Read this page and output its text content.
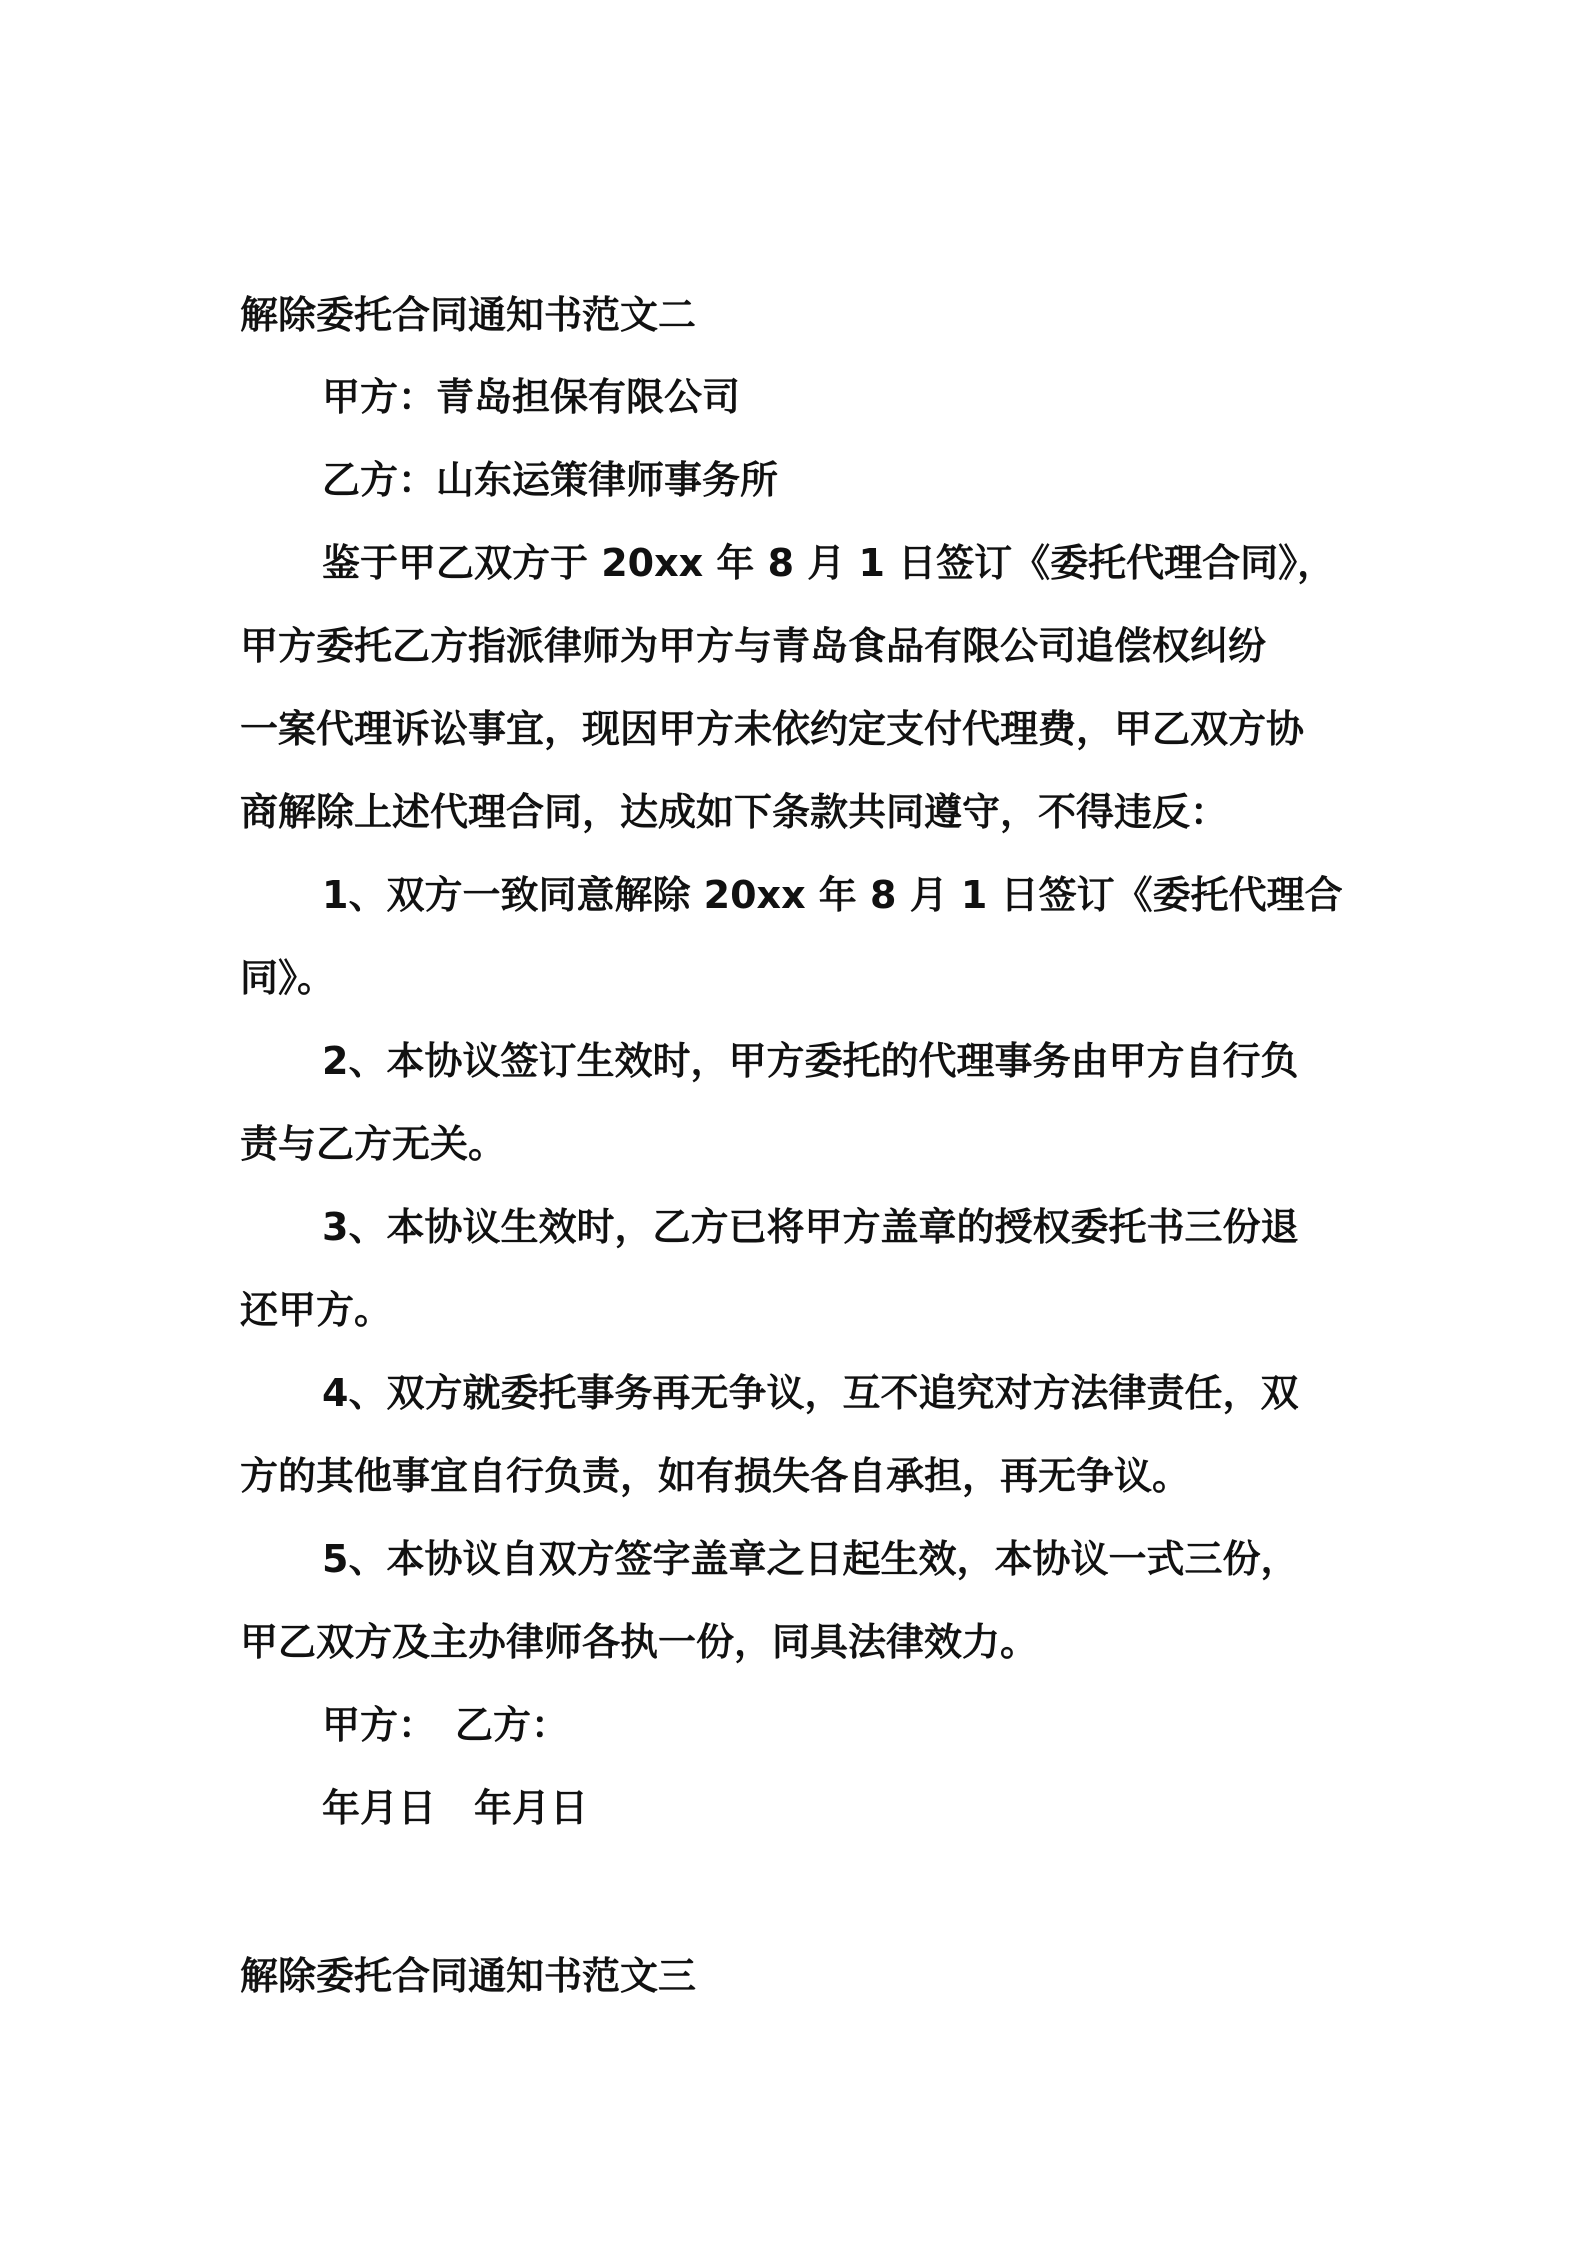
解除委托合同通知书范文二
甲方：青岛担保有限公司
乙方：山东运策律师事务所
鉴于甲乙双方于 20xx 年 8 月 1 日签订《委托代理合同》，
甲方委托乙方指派律师为甲方与青岛食品有限公司追偿权纠纷
一案代理诉讼事宜，现因甲方未依约定支付代理费，甲乙双方协
商解除上述代理合同，达成如下条款共同遵守，不得违反：
1、双方一致同意解除 20xx 年 8 月 1 日签订《委托代理合
同》。
2、本协议签订生效时，甲方委托的代理事务由甲方自行负
责与乙方无关。
3、本协议生效时，乙方已将甲方盖章的授权委托书三份退
还甲方。
4、双方就委托事务再无争议，互不追究对方法律责任，双
方的其他事宜自行负责，如有损失各自承担，再无争议。
5、本协议自双方签字盖章之日起生效，本协议一式三份，
甲乙双方及主办律师各执一份，同具法律效力。
甲方：　乙方：
年月日　年月日
解除委托合同通知书范文三
